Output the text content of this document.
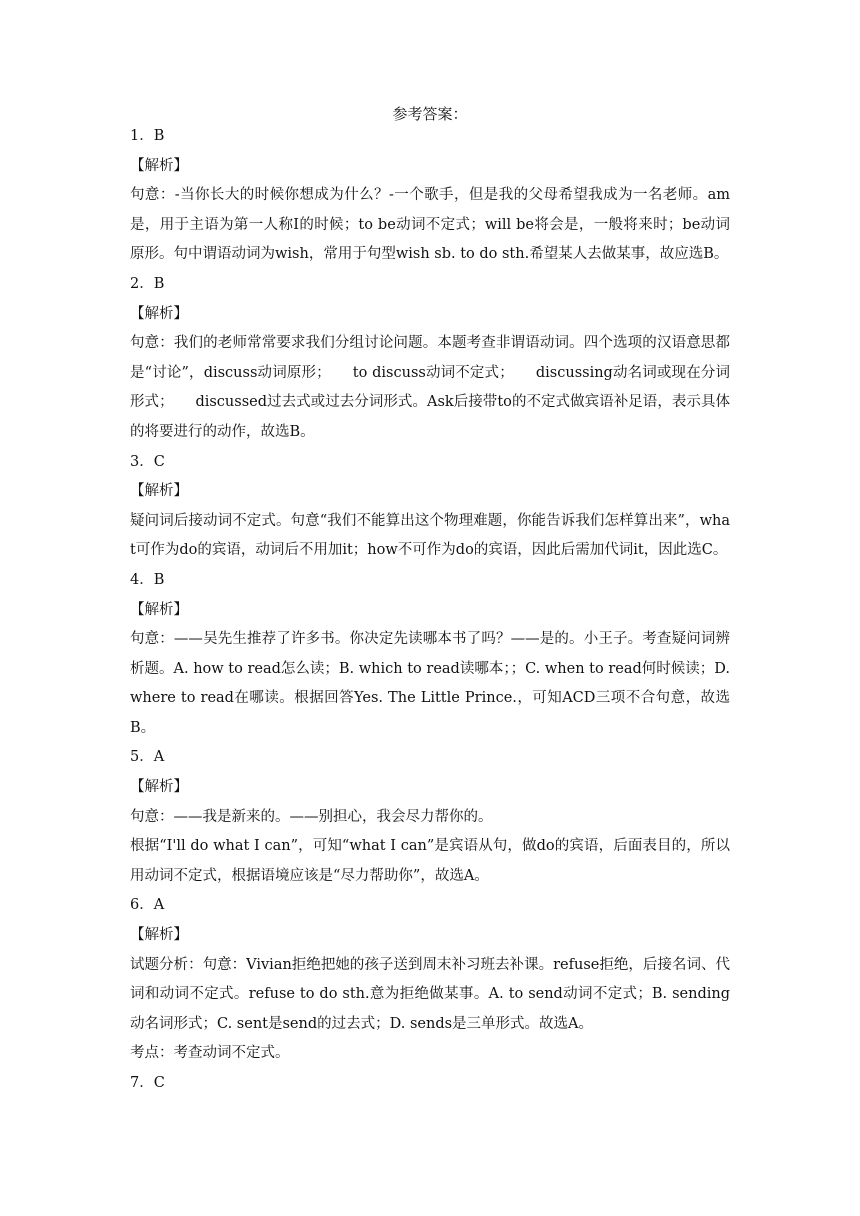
参考答案：

1．B

【解析】

句意：-当你长大的时候你想成为什么？-一个歌手，但是我的父母希望我成为一名老师。am是，用于主语为第一人称I的时候；to be动词不定式；will be将会是，一般将来时；be动词原形。句中谓语动词为wish，常用于句型wish sb. to do sth.希望某人去做某事，故应选B。

2．B

【解析】

句意：我们的老师常常要求我们分组讨论问题。本题考查非谓语动词。四个选项的汉语意思都是“讨论”，discuss动词原形；　　to discuss动词不定式；　　discussing动名词或现在分词形式；　　discussed过去式或过去分词形式。Ask后接带to的不定式做宾语补足语，表示具体的将要进行的动作，故选B。

3．C

【解析】

疑问词后接动词不定式。句意“我们不能算出这个物理难题，你能告诉我们怎样算出来”，what可作为do的宾语，动词后不用加it；how不可作为do的宾语，因此后需加代词it，因此选C。

4．B

【解析】

句意：——吴先生推荐了许多书。你决定先读哪本书了吗？——是的。小王子。考查疑问词辨析题。A. how to read怎么读；B. which to read读哪本；；C. when to read何时候读；D. where to read在哪读。根据回答Yes. The Little Prince.，可知ACD三项不合句意，故选B。

5．A

【解析】

句意：——我是新来的。——别担心，我会尽力帮你的。

根据“I'll do what I can”，可知“what I can”是宾语从句，做do的宾语，后面表目的，所以用动词不定式，根据语境应该是“尽力帮助你”，故选A。

6．A

【解析】

试题分析：句意：Vivian拒绝把她的孩子送到周末补习班去补课。refuse拒绝，后接名词、代词和动词不定式。refuse to do sth.意为拒绝做某事。A. to send动词不定式；B. sending动名词形式；C. sent是send的过去式；D. sends是三单形式。故选A。

考点：考查动词不定式。

7．C
